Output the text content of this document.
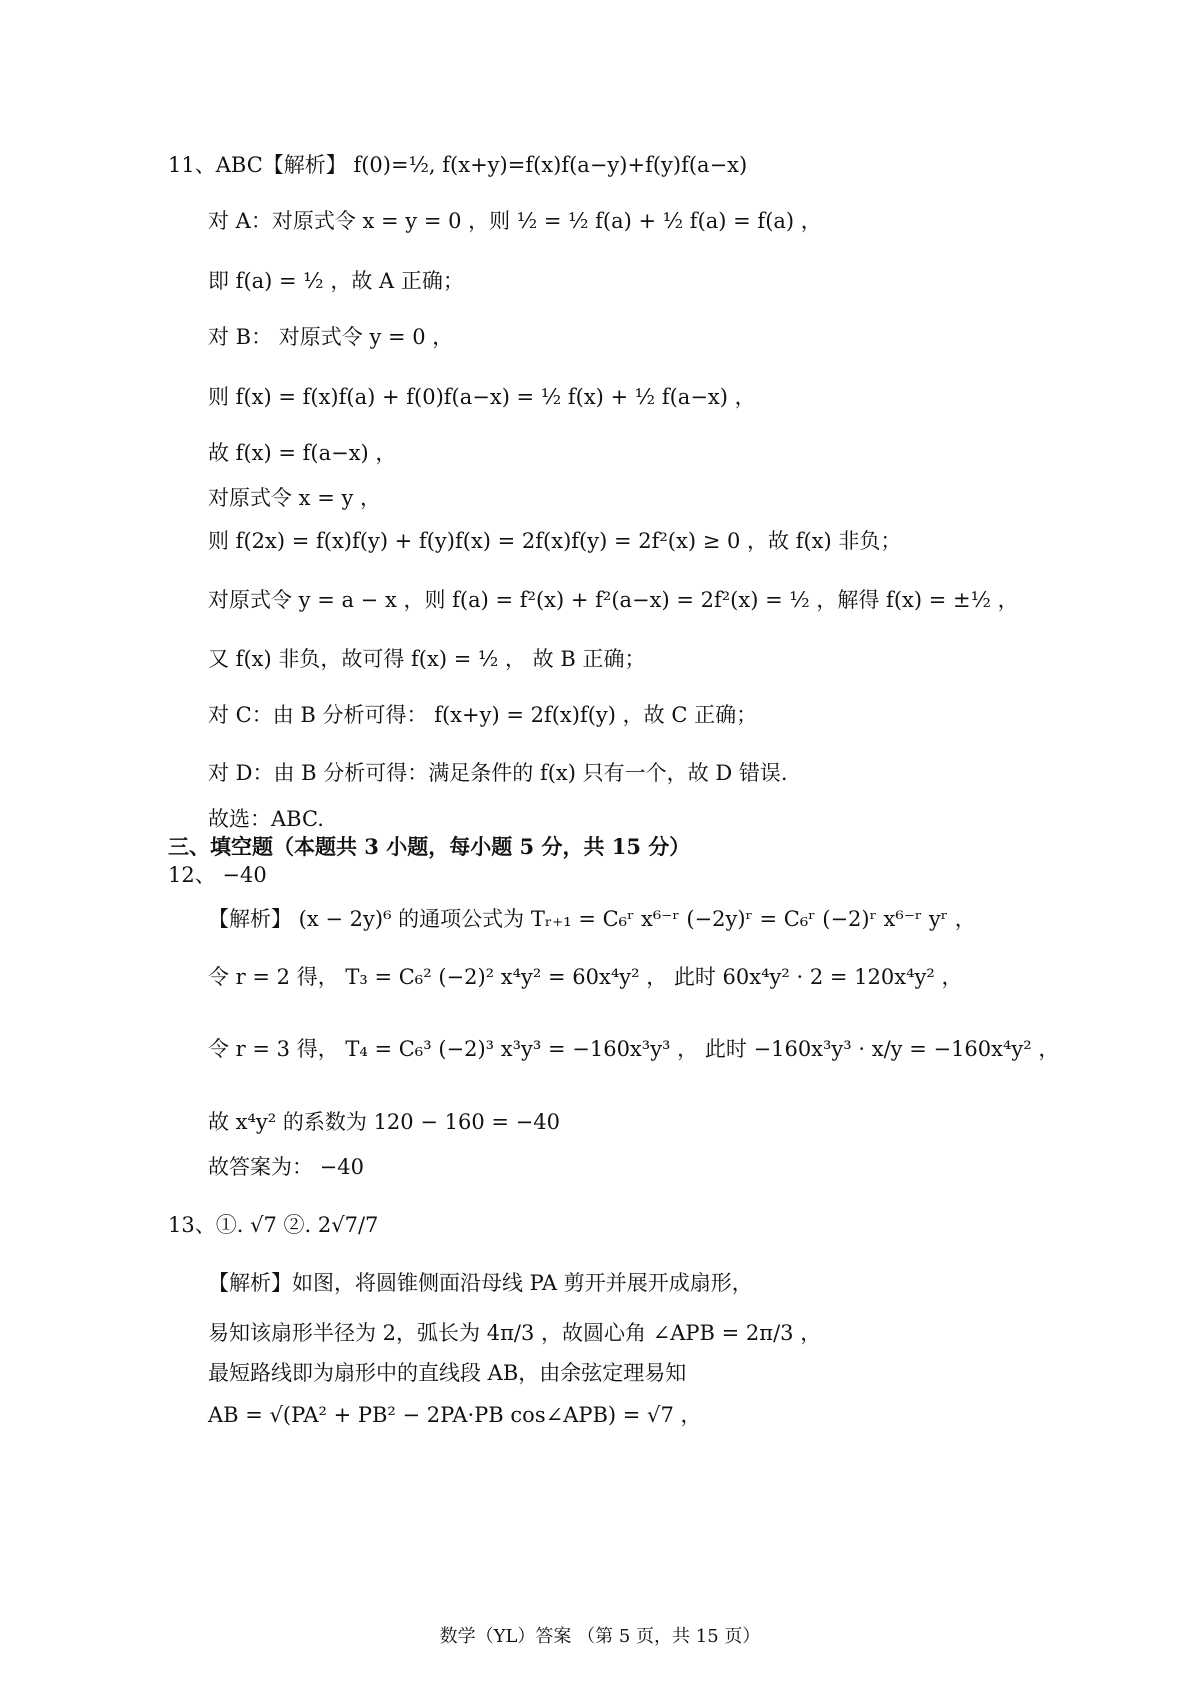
11、ABC【解析】 f(0)=½, f(x+y)=f(x)f(a−y)+f(y)f(a−x)
对 A：对原式令 x = y = 0 ，则 ½ = ½ f(a) + ½ f(a) = f(a) ，
即 f(a) = ½ ，故 A 正确；
对 B： 对原式令 y = 0 ，
则 f(x) = f(x)f(a) + f(0)f(a−x) = ½ f(x) + ½ f(a−x) ，
故 f(x) = f(a−x) ，
对原式令 x = y ，
则 f(2x) = f(x)f(y) + f(y)f(x) = 2f(x)f(y) = 2f²(x) ≥ 0 ，故 f(x) 非负；
对原式令 y = a − x ，则 f(a) = f²(x) + f²(a−x) = 2f²(x) = ½ ，解得 f(x) = ±½ ，
又 f(x) 非负，故可得 f(x) = ½ ， 故 B 正确；
对 C：由 B 分析可得： f(x+y) = 2f(x)f(y) ，故 C 正确；
对 D：由 B 分析可得：满足条件的 f(x) 只有一个，故 D 错误.
故选：ABC.
三、填空题（本题共 3 小题，每小题 5 分，共 15 分）
12、 −40
【解析】 (x − 2y)⁶ 的通项公式为 Tᵣ₊₁ = C₆ʳ x⁶⁻ʳ (−2y)ʳ = C₆ʳ (−2)ʳ x⁶⁻ʳ yʳ ，
令 r = 2 得， T₃ = C₆² (−2)² x⁴y² = 60x⁴y² ， 此时 60x⁴y² · 2 = 120x⁴y² ，
令 r = 3 得， T₄ = C₆³ (−2)³ x³y³ = −160x³y³ ， 此时 −160x³y³ · x/y = −160x⁴y² ，
故 x⁴y² 的系数为 120 − 160 = −40
故答案为： −40
13、①. √7 ②. 2√7/7
【解析】如图，将圆锥侧面沿母线 PA 剪开并展开成扇形，
易知该扇形半径为 2，弧长为 4π/3 ，故圆心角 ∠APB = 2π/3 ，
最短路线即为扇形中的直线段 AB，由余弦定理易知
AB = √(PA² + PB² − 2PA·PB cos∠APB) = √7 ，
数学（YL）答案 （第 5 页，共 15 页）
